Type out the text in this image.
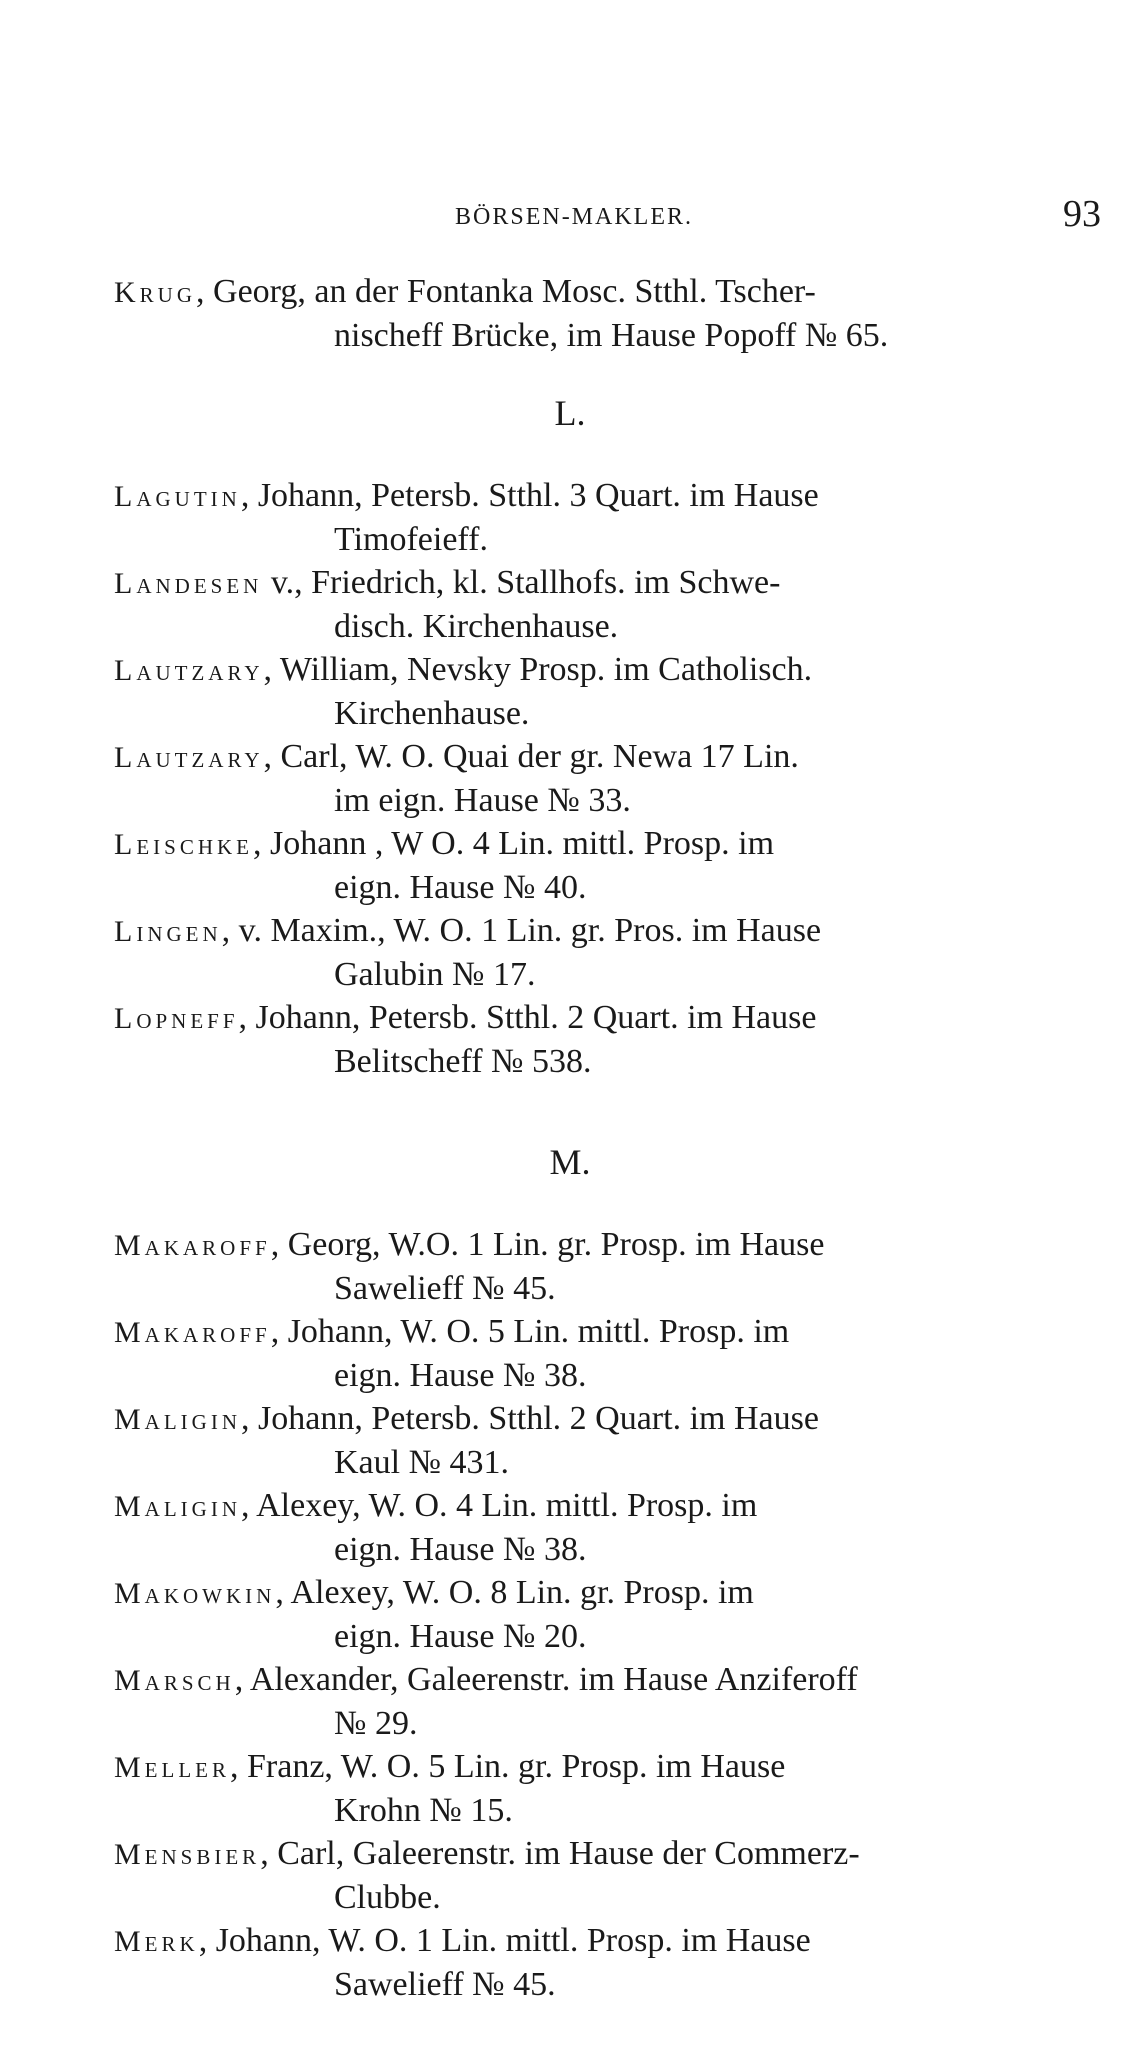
BÖRSEN-MAKLER.	93
Krug, Georg, an der Fontanka Mosc. Stthl. Tscher-
nischeff Brücke, im Hause Popoff № 65.
L.
Lagutin, Johann, Petersb. Stthl. 3 Quart. im Hause
Timofeieff.
Landesen v., Friedrich, kl. Stallhofs. im Schwe-
disch. Kirchenhause.
Lautzary, William, Nevsky Prosp. im Catholisch.
Kirchenhause.
Lautzary, Carl, W. O. Quai der gr. Newa 17 Lin.
im eign. Hause № 33.
Leischke, Johann , W O. 4 Lin. mittl. Prosp. im
eign. Hause № 40.
Lingen, v. Maxim., W. O. 1 Lin. gr. Pros. im Hause
Galubin № 17.
Lopneff, Johann, Petersb. Stthl. 2 Quart. im Hause
Belitscheff № 538.
M.
Makaroff, Georg, W.O. 1 Lin. gr. Prosp. im Hause
Sawelieff № 45.
Makaroff, Johann, W. O. 5 Lin. mittl. Prosp. im
eign. Hause № 38.
Maligin, Johann, Petersb. Stthl. 2 Quart. im Hause
Kaul № 431.
Maligin, Alexey, W. O. 4 Lin. mittl. Prosp. im
eign. Hause № 38.
Makowkin, Alexey, W. O. 8 Lin. gr. Prosp. im
eign. Hause № 20.
Marsch, Alexander, Galeerenstr. im Hause Anziferoff
№ 29.
Meller, Franz, W. O. 5 Lin. gr. Prosp. im Hause
Krohn № 15.
Mensbier, Carl, Galeerenstr. im Hause der Commerz-
Clubbe.
Merk, Johann, W. O. 1 Lin. mittl. Prosp. im Hause
Sawelieff № 45.
